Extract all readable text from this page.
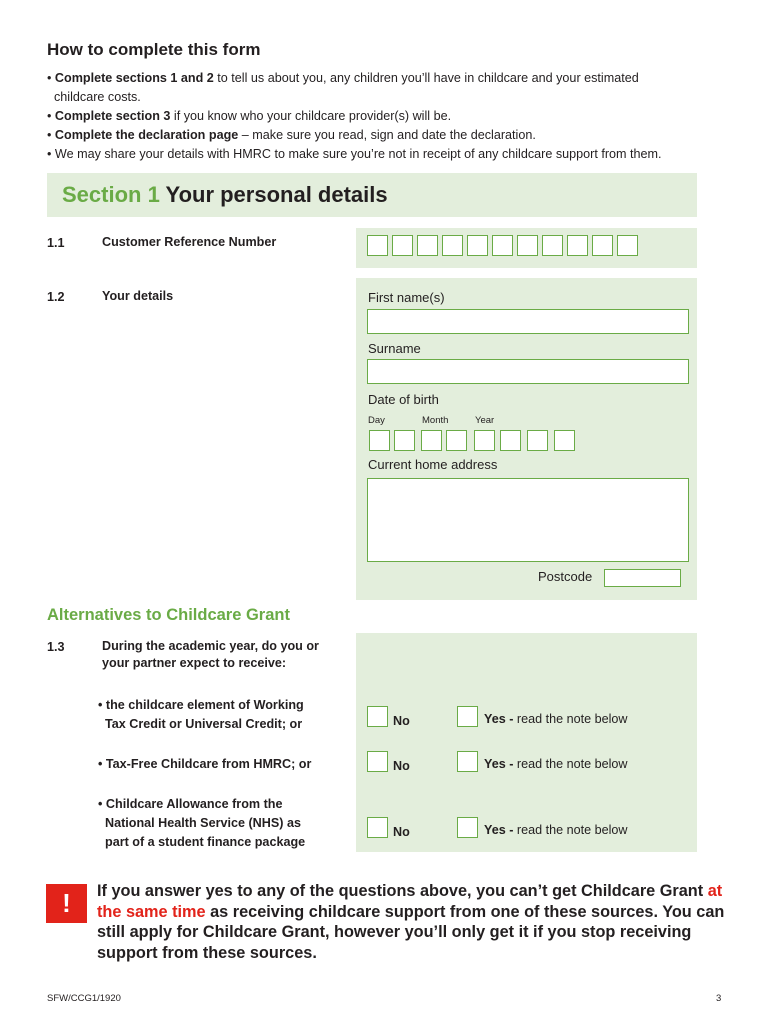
How to complete this form
• Complete sections 1 and 2 to tell us about you, any children you’ll have in childcare and your estimated
childcare costs.
• Complete section 3 if you know who your childcare provider(s) will be.
• Complete the declaration page – make sure you read, sign and date the declaration.
• We may share your details with HMRC to make sure you’re not in receipt of any childcare support from them.
Section 1 Your personal details
1.1	Customer Reference Number
1.2	Your details	First name(s)
Surname
Date of birth
Day	Month	Year
Current home address
Postcode
Alternatives to Childcare Grant
1.3	During the academic year, do you or
your partner expect to receive:
• the childcare element of Working
Tax Credit or Universal Credit; or	No	Yes - read the note below
• Tax-Free Childcare from HMRC; or	No	Yes - read the note below
• Childcare Allowance from the
National Health Service (NHS) as
part of a student finance package
No	Yes - read the note below
!	If you answer yes to any of the questions above, you can’t get Childcare Grant at the same time as receiving childcare support from one of these sources. You can still apply for Childcare Grant, however you’ll only get it if you stop receiving support from these sources.
SFW/CCG1/1920	3
